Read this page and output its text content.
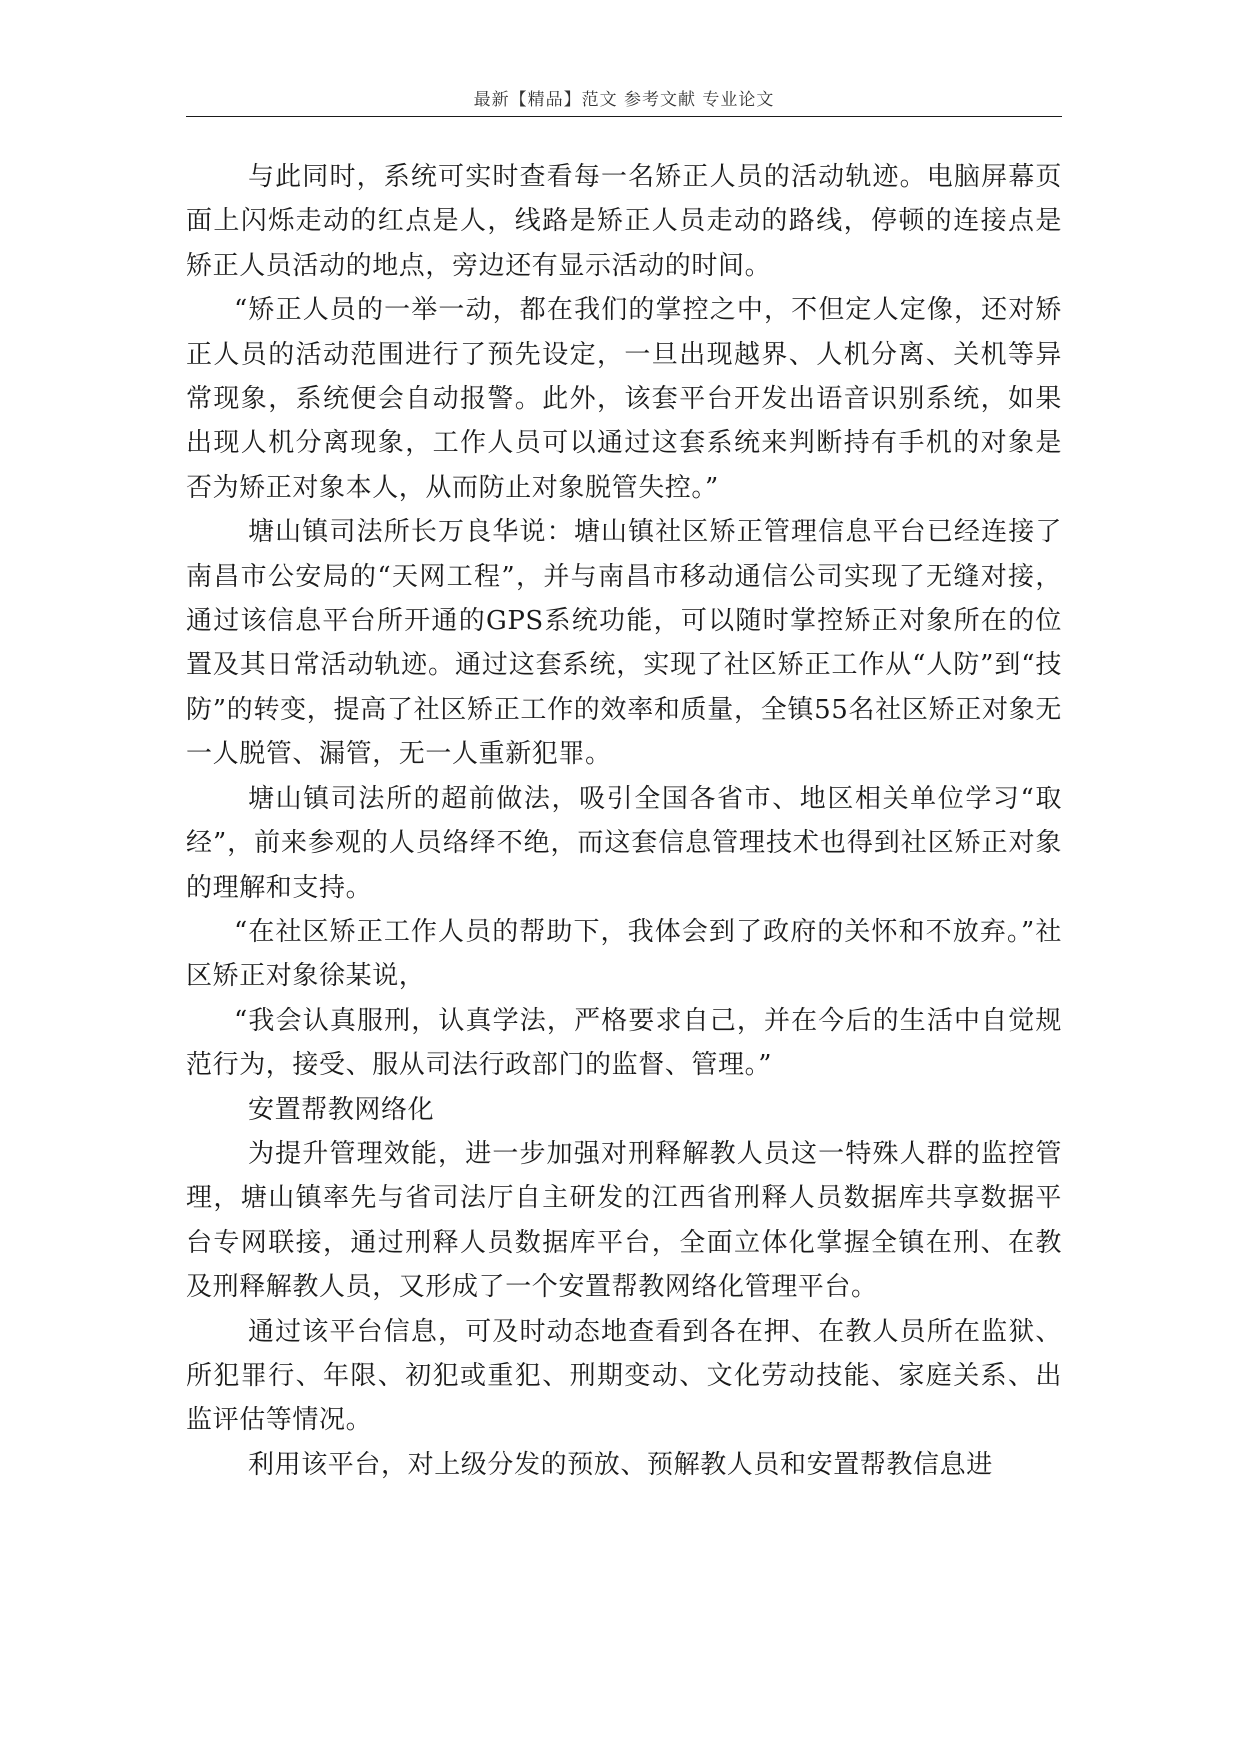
最新【精品】范文 参考文献 专业论文

与此同时，系统可实时查看每一名矫正人员的活动轨迹。电脑屏幕页面上闪烁走动的红点是人，线路是矫正人员走动的路线，停顿的连接点是矫正人员活动的地点，旁边还有显示活动的时间。

“矫正人员的一举一动，都在我们的掌控之中，不但定人定像，还对矫正人员的活动范围进行了预先设定，一旦出现越界、人机分离、关机等异常现象，系统便会自动报警。此外，该套平台开发出语音识别系统，如果出现人机分离现象，工作人员可以通过这套系统来判断持有手机的对象是否为矫正对象本人，从而防止对象脱管失控。”

塘山镇司法所长万良华说：塘山镇社区矫正管理信息平台已经连接了南昌市公安局的“天网工程”，并与南昌市移动通信公司实现了无缝对接，通过该信息平台所开通的GPS系统功能，可以随时掌控矫正对象所在的位置及其日常活动轨迹。通过这套系统，实现了社区矫正工作从“人防”到“技防”的转变，提高了社区矫正工作的效率和质量，全镇55名社区矫正对象无一人脱管、漏管，无一人重新犯罪。

塘山镇司法所的超前做法，吸引全国各省市、地区相关单位学习“取经”，前来参观的人员络绎不绝，而这套信息管理技术也得到社区矫正对象的理解和支持。

“在社区矫正工作人员的帮助下，我体会到了政府的关怀和不放弃。”社区矫正对象徐某说，

“我会认真服刑，认真学法，严格要求自己，并在今后的生活中自觉规范行为，接受、服从司法行政部门的监督、管理。”

安置帮教网络化

为提升管理效能，进一步加强对刑释解教人员这一特殊人群的监控管理，塘山镇率先与省司法厅自主研发的江西省刑释人员数据库共享数据平台专网联接，通过刑释人员数据库平台，全面立体化掌握全镇在刑、在教及刑释解教人员，又形成了一个安置帮教网络化管理平台。

通过该平台信息，可及时动态地查看到各在押、在教人员所在监狱、所犯罪行、年限、初犯或重犯、刑期变动、文化劳动技能、家庭关系、出监评估等情况。

利用该平台，对上级分发的预放、预解教人员和安置帮教信息进
